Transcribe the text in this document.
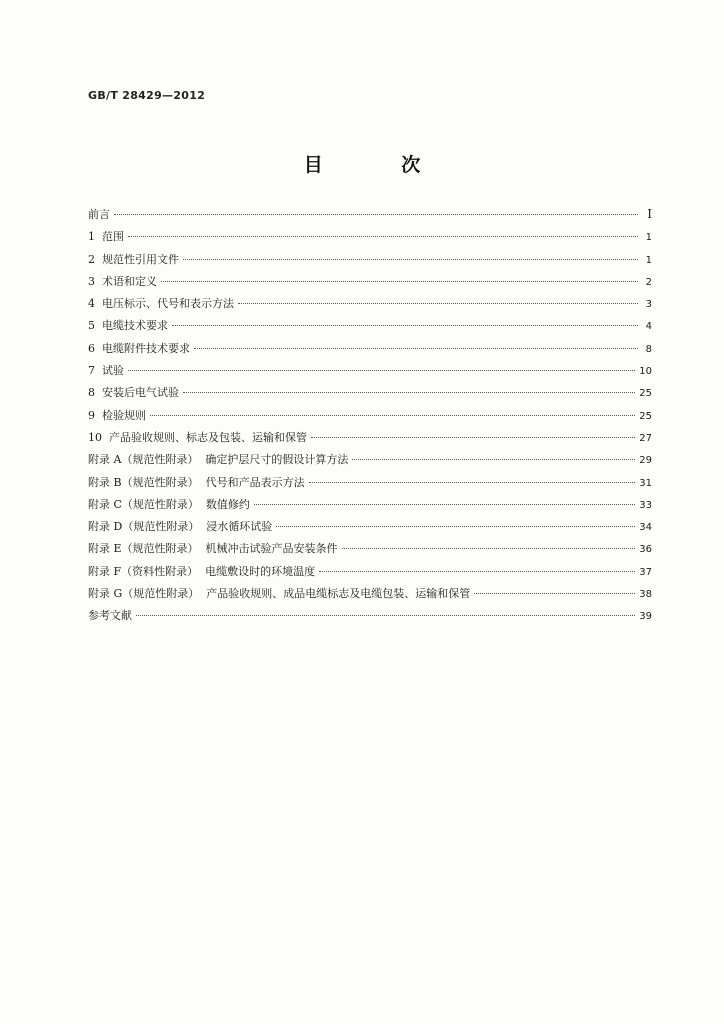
GB/T 28429—2012
目 次
前言	I
1  范围	1
2  规范性引用文件	1
3  术语和定义	2
4  电压标示、代号和表示方法	3
5  电缆技术要求	4
6  电缆附件技术要求	8
7  试验	10
8  安装后电气试验	25
9  检验规则	25
10  产品验收规则、标志及包装、运输和保管	27
附录 A（规范性附录）  确定护层尺寸的假设计算方法	29
附录 B（规范性附录）  代号和产品表示方法	31
附录 C（规范性附录）  数值修约	33
附录 D（规范性附录）  浸水循环试验	34
附录 E（规范性附录）  机械冲击试验产品安装条件	36
附录 F（资料性附录）  电缆敷设时的环境温度	37
附录 G（规范性附录）  产品验收规则、成品电缆标志及电缆包装、运输和保管	38
参考文献	39
